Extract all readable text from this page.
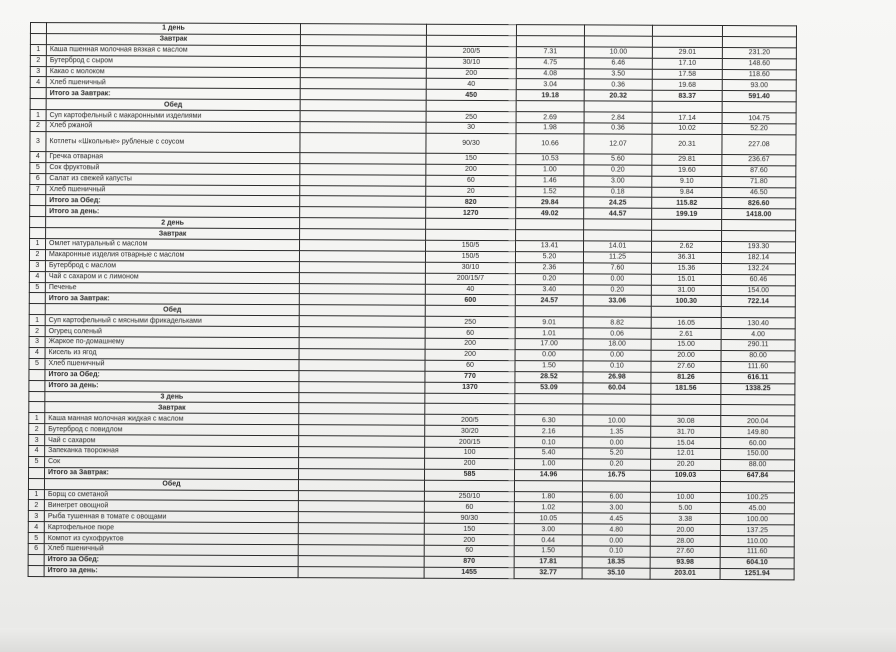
	1 день						
	Завтрак						
1	Каша пшенная молочная вязкая с маслом		200/5	7.31	10.00	29.01	231.20
2	Бутерброд с сыром		30/10	4.75	6.46	17.10	148.60
3	Какао с молоком		200	4.08	3.50	17.58	118.60
4	Хлеб пшеничный		40	3.04	0.36	19.68	93.00
	Итого за Завтрак:		450	19.18	20.32	83.37	591.40
	Обед						
1	Суп картофельный с макаронными изделиями		250	2.69	2.84	17.14	104.75
2	Хлеб ржаной		30	1.98	0.36	10.02	52.20
3	Котлеты «Школьные» рубленые с соусом		90/30	10.66	12.07	20.31	227.08
4	Гречка отварная		150	10.53	5.60	29.81	236.67
5	Сок фруктовый		200	1.00	0.20	19.60	87.60
6	Салат из свежей капусты		60	1.46	3.00	9.10	71.80
7	Хлеб пшеничный		20	1.52	0.18	9.84	46.50
	Итого за Обед:		820	29.84	24.25	115.82	826.60
	Итого за день:		1270	49.02	44.57	199.19	1418.00
	2 день						
	Завтрак						
1	Омлет натуральный с маслом		150/5	13.41	14.01	2.62	193.30
2	Макаронные изделия отварные с маслом		150/5	5.20	11.25	36.31	182.14
3	Бутерброд с маслом		30/10	2.36	7.60	15.36	132.24
4	Чай с сахаром и с лимоном		200/15/7	0.20	0.00	15.01	60.46
5	Печенье		40	3.40	0.20	31.00	154.00
	Итого за Завтрак:		600	24.57	33.06	100.30	722.14
	Обед						
1	Суп картофельный с мясными фрикадельками		250	9.01	8.82	16.05	130.40
2	Огурец соленый		60	1.01	0.06	2.61	4.00
3	Жаркое по-домашнему		200	17.00	18.00	15.00	290.11
4	Кисель из ягод		200	0.00	0.00	20.00	80.00
5	Хлеб пшеничный		60	1.50	0.10	27.60	111.60
	Итого за Обед:		770	28.52	26.98	81.26	616.11
	Итого за день:		1370	53.09	60.04	181.56	1338.25
	3 день						
	Завтрак						
1	Каша манная молочная жидкая с маслом		200/5	6.30	10.00	30.08	200.04
2	Бутерброд с повидлом		30/20	2.16	1.35	31.70	149.80
3	Чай с сахаром		200/15	0.10	0.00	15.04	60.00
4	Запеканка творожная		100	5.40	5.20	12.01	150.00
5	Сок		200	1.00	0.20	20.20	88.00
	Итого за Завтрак:		585	14.96	16.75	109.03	647.84
	Обед						
1	Борщ со сметаной		250/10	1.80	6.00	10.00	100.25
2	Винегрет овощной		60	1.02	3.00	5.00	45.00
3	Рыба тушенная в томате с овощами		90/30	10.05	4.45	3.38	100.00
4	Картофельное пюре		150	3.00	4.80	20.00	137.25
5	Компот из сухофруктов		200	0.44	0.00	28.00	110.00
6	Хлеб пшеничный		60	1.50	0.10	27.60	111.60
	Итого за Обед:		870	17.81	18.35	93.98	604.10
	Итого за день:		1455	32.77	35.10	203.01	1251.94
